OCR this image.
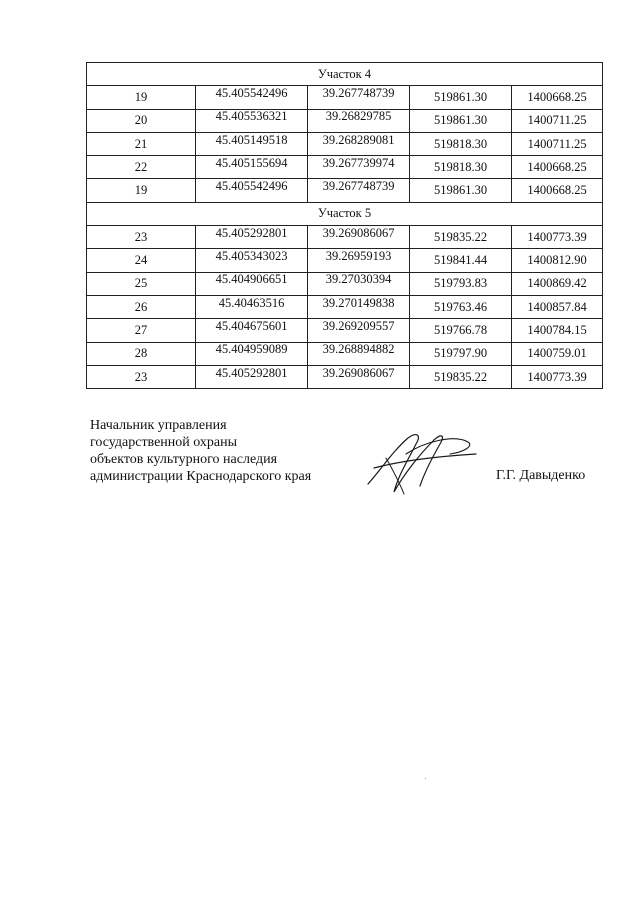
Участок 4				
19	45.405542496	39.267748739	519861.30	1400668.25
20	45.405536321	39.26829785	519861.30	1400711.25
21	45.405149518	39.268289081	519818.30	1400711.25
22	45.405155694	39.267739974	519818.30	1400668.25
19	45.405542496	39.267748739	519861.30	1400668.25
Участок 5				
23	45.405292801	39.269086067	519835.22	1400773.39
24	45.405343023	39.26959193	519841.44	1400812.90
25	45.404906651	39.27030394	519793.83	1400869.42
26	45.40463516	39.270149838	519763.46	1400857.84
27	45.404675601	39.269209557	519766.78	1400784.15
28	45.404959089	39.268894882	519797.90	1400759.01
23	45.405292801	39.269086067	519835.22	1400773.39
Начальник управления
государственной охраны
объектов культурного наследия
администрации Краснодарского края	Г.Г. Давыденко
